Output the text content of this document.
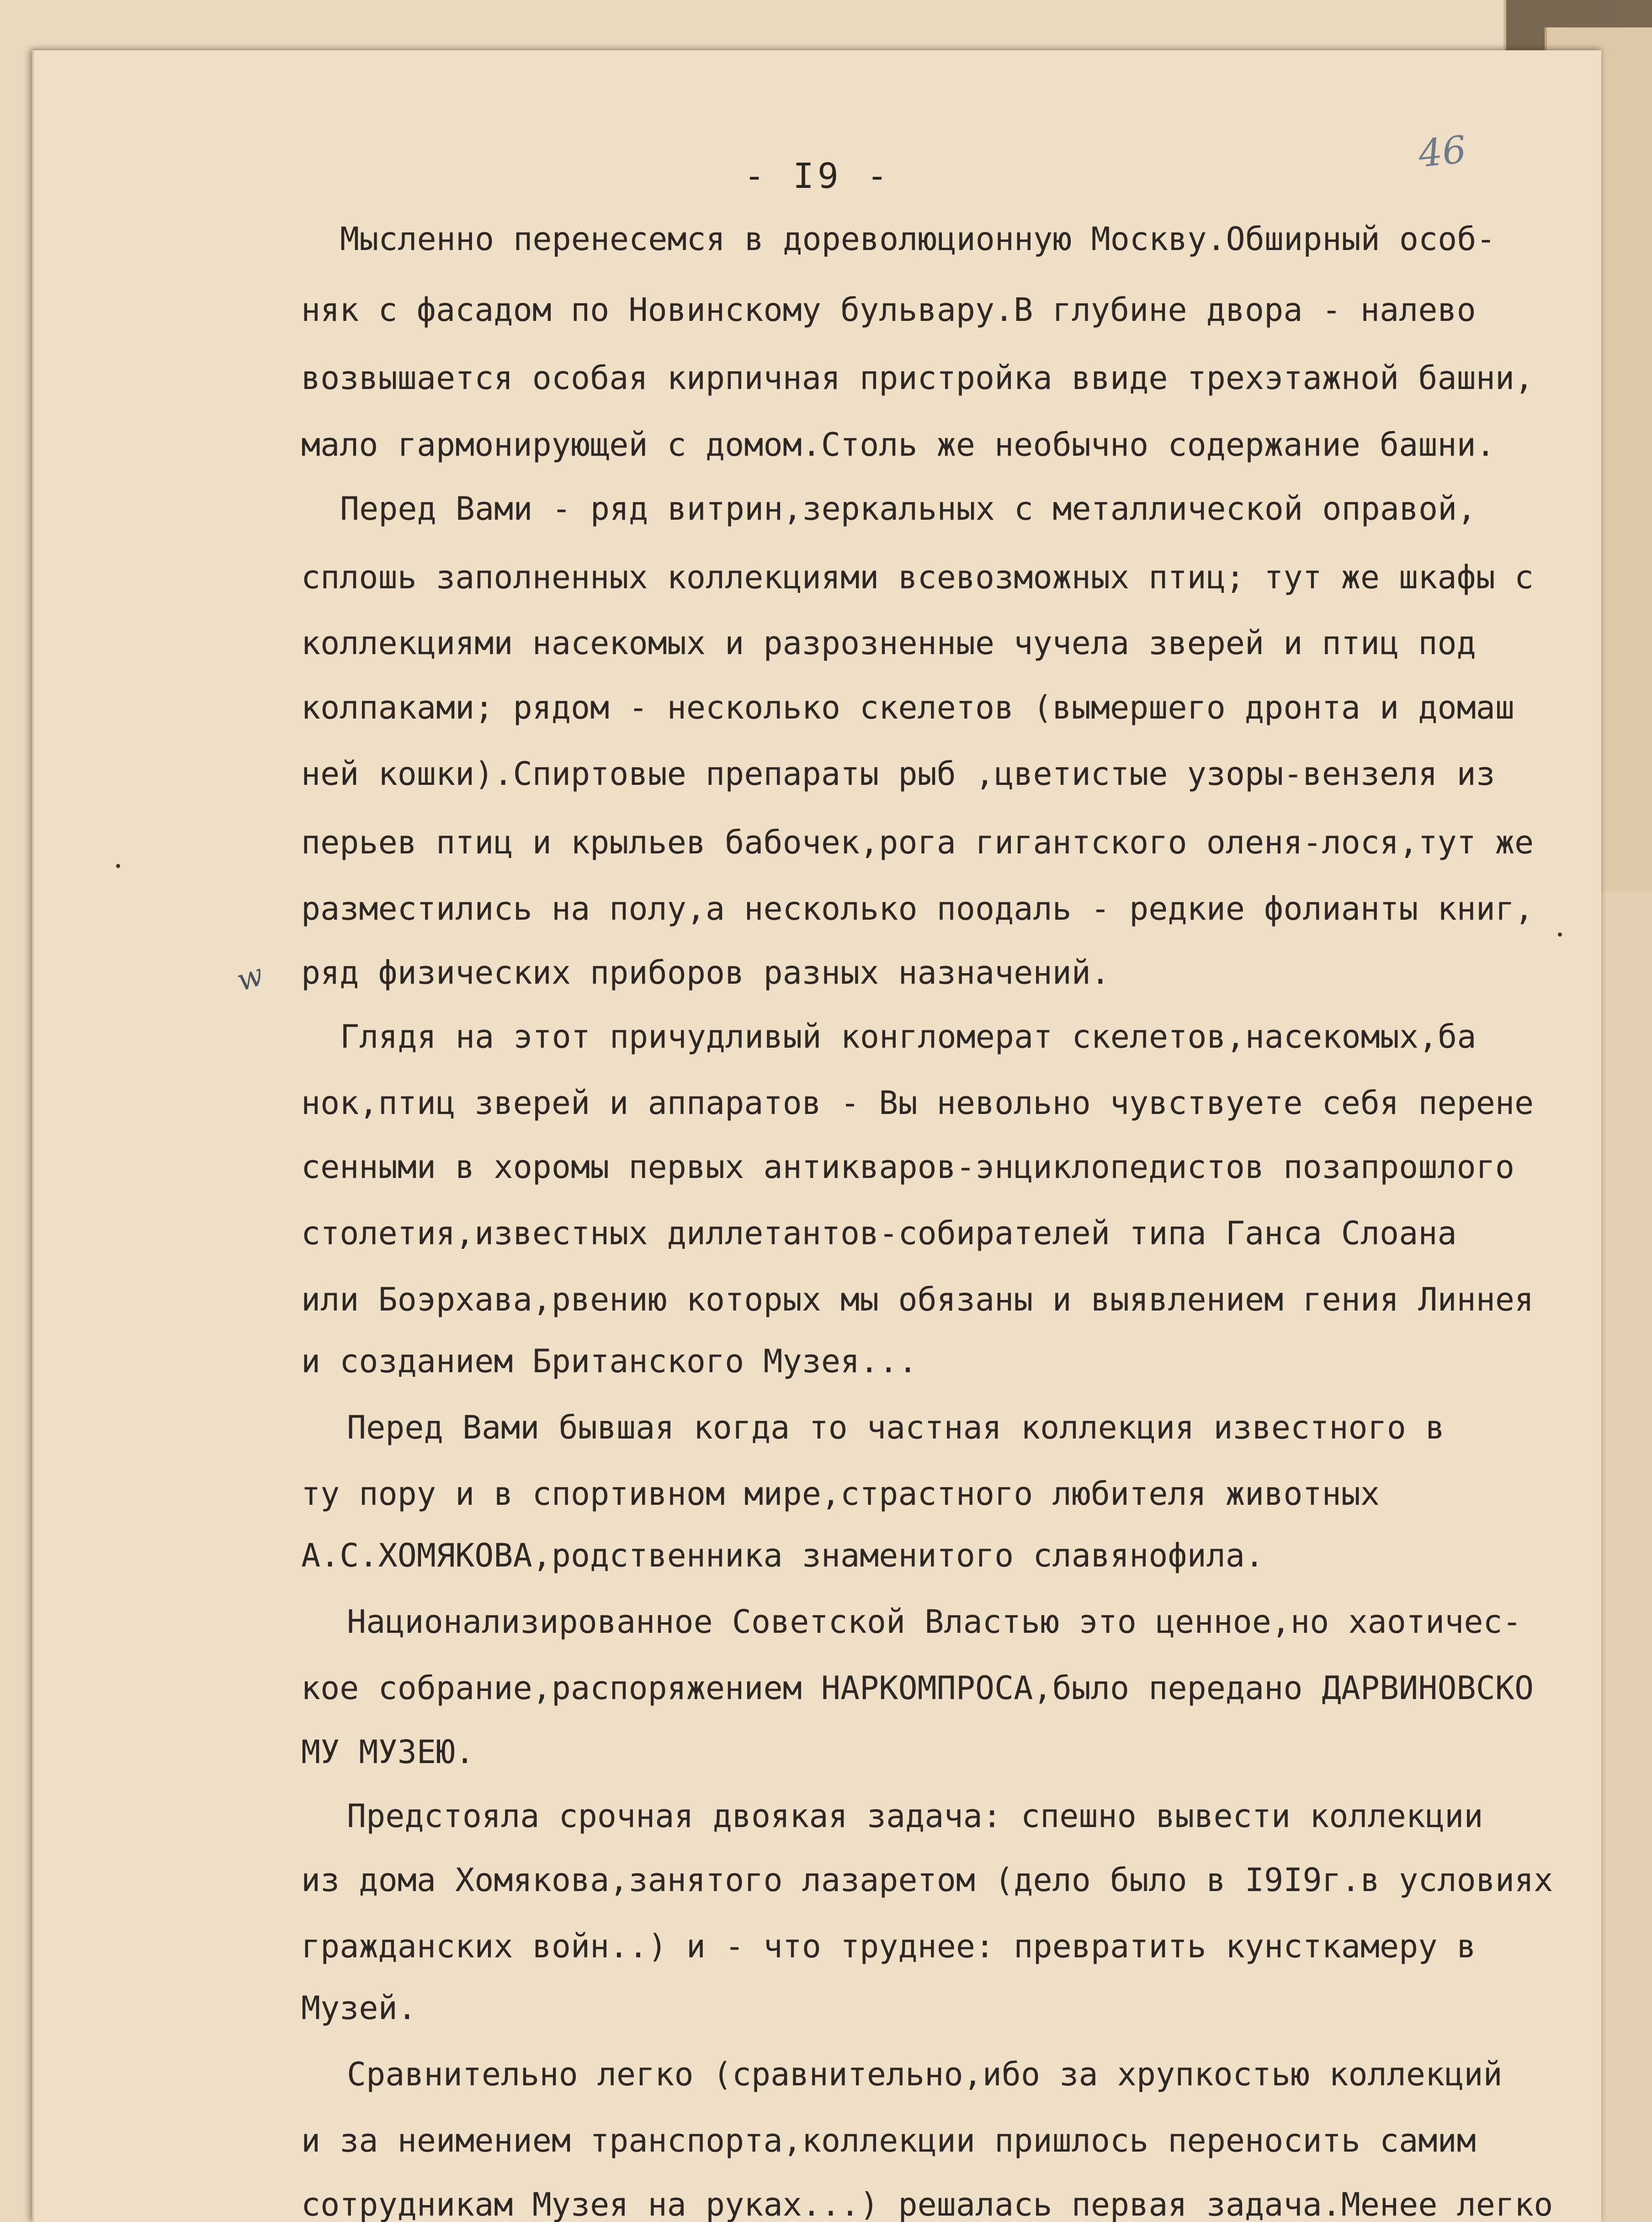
- I9 -	46
w
Мысленно перенесемся в дореволюционную Москву.Обширный особ-
няк с фасадом по Новинскому бульвару.В глубине двора - налево
возвышается особая кирпичная пристройка ввиде трехэтажной башни,
мало гармонирующей с домом.Столь же необычно содержание башни.
Перед Вами - ряд витрин,зеркальных с металлической оправой,
сплошь заполненных коллекциями всевозможных птиц; тут же шкафы с
коллекциями насекомых и разрозненные чучела зверей и птиц под
колпаками; рядом - несколько скелетов (вымершего дронта и домаш
ней кошки).Спиртовые препараты рыб ,цветистые узоры-вензеля из
перьев птиц и крыльев бабочек,рога гигантского оленя-лося,тут же
разместились на полу,а несколько поодаль - редкие фолианты книг,
ряд физических приборов разных назначений.
Глядя на этот причудливый конгломерат скелетов,насекомых,ба
нок,птиц зверей и аппаратов - Вы невольно чувствуете себя перене
сенными в хоромы первых антикваров-энциклопедистов позапрошлого
столетия,известных диллетантов-собирателей типа Ганса Слоана
или Боэрхава,рвению которых мы обязаны и выявлением гения Линнея
и созданием Британского Музея...
Перед Вами бывшая когда то частная коллекция известного в
ту пору и в спортивном мире,страстного любителя животных
А.С.ХОМЯКОВА,родственника знаменитого славянофила.
Национализированное Советской Властью это ценное,но хаотичес-
кое собрание,распоряжением НАРКОМПРОСА,было передано ДАРВИНОВСКО
МУ МУЗЕЮ.
Предстояла срочная двоякая задача: спешно вывести коллекции
из дома Хомякова,занятого лазаретом (дело было в I9I9г.в условиях
гражданских войн..) и - что труднее: превратить кунсткамеру в
Музей.
Сравнительно легко (сравнительно,ибо за хрупкостью коллекций
и за неимением транспорта,коллекции пришлось переносить самим
сотрудникам Музея на руках...) решалась первая задача.Менее легко
